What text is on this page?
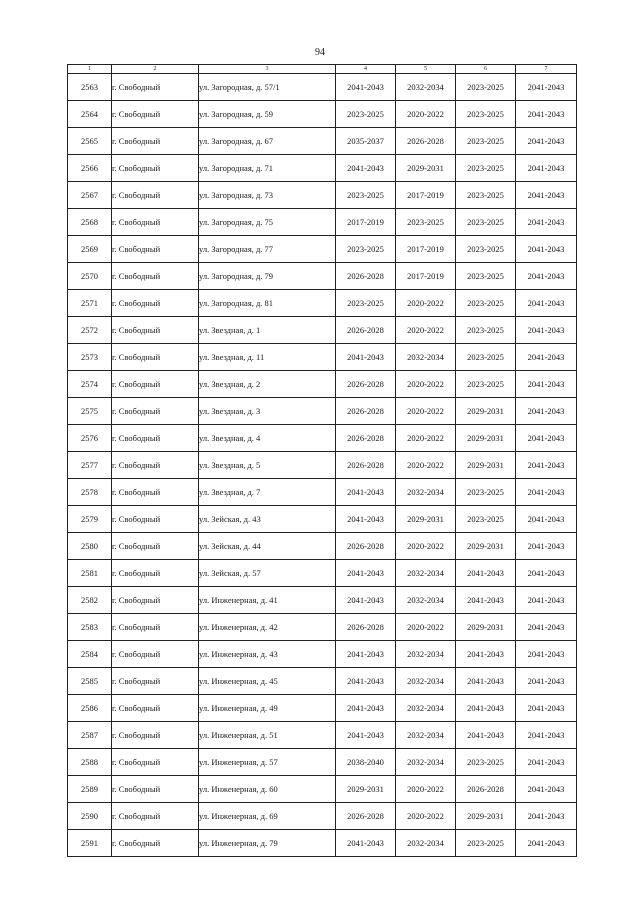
94
1	2	3	4	5	6	7
2563	г. Свободный	ул. Загородная, д. 57/1	2041-2043	2032-2034	2023-2025	2041-2043
2564	г. Свободный	ул. Загородная, д. 59	2023-2025	2020-2022	2023-2025	2041-2043
2565	г. Свободный	ул. Загородная, д. 67	2035-2037	2026-2028	2023-2025	2041-2043
2566	г. Свободный	ул. Загородная, д. 71	2041-2043	2029-2031	2023-2025	2041-2043
2567	г. Свободный	ул. Загородная, д. 73	2023-2025	2017-2019	2023-2025	2041-2043
2568	г. Свободный	ул. Загородная, д. 75	2017-2019	2023-2025	2023-2025	2041-2043
2569	г. Свободный	ул. Загородная, д. 77	2023-2025	2017-2019	2023-2025	2041-2043
2570	г. Свободный	ул. Загородная, д. 79	2026-2028	2017-2019	2023-2025	2041-2043
2571	г. Свободный	ул. Загородная, д. 81	2023-2025	2020-2022	2023-2025	2041-2043
2572	г. Свободный	ул. Звездная, д. 1	2026-2028	2020-2022	2023-2025	2041-2043
2573	г. Свободный	ул. Звездная, д. 11	2041-2043	2032-2034	2023-2025	2041-2043
2574	г. Свободный	ул. Звездная, д. 2	2026-2028	2020-2022	2023-2025	2041-2043
2575	г. Свободный	ул. Звездная, д. 3	2026-2028	2020-2022	2029-2031	2041-2043
2576	г. Свободный	ул. Звездная, д. 4	2026-2028	2020-2022	2029-2031	2041-2043
2577	г. Свободный	ул. Звездная, д. 5	2026-2028	2020-2022	2029-2031	2041-2043
2578	г. Свободный	ул. Звездная, д. 7	2041-2043	2032-2034	2023-2025	2041-2043
2579	г. Свободный	ул. Зейская, д. 43	2041-2043	2029-2031	2023-2025	2041-2043
2580	г. Свободный	ул. Зейская, д. 44	2026-2028	2020-2022	2029-2031	2041-2043
2581	г. Свободный	ул. Зейская, д. 57	2041-2043	2032-2034	2041-2043	2041-2043
2582	г. Свободный	ул. Инженерная, д. 41	2041-2043	2032-2034	2041-2043	2041-2043
2583	г. Свободный	ул. Инженерная, д. 42	2026-2028	2020-2022	2029-2031	2041-2043
2584	г. Свободный	ул. Инженерная, д. 43	2041-2043	2032-2034	2041-2043	2041-2043
2585	г. Свободный	ул. Инженерная, д. 45	2041-2043	2032-2034	2041-2043	2041-2043
2586	г. Свободный	ул. Инженерная, д. 49	2041-2043	2032-2034	2041-2043	2041-2043
2587	г. Свободный	ул. Инженерная, д. 51	2041-2043	2032-2034	2041-2043	2041-2043
2588	г. Свободный	ул. Инженерная, д. 57	2038-2040	2032-2034	2023-2025	2041-2043
2589	г. Свободный	ул. Инженерная, д. 60	2029-2031	2020-2022	2026-2028	2041-2043
2590	г. Свободный	ул. Инженерная, д. 69	2026-2028	2020-2022	2029-2031	2041-2043
2591	г. Свободный	ул. Инженерная, д. 79	2041-2043	2032-2034	2023-2025	2041-2043
